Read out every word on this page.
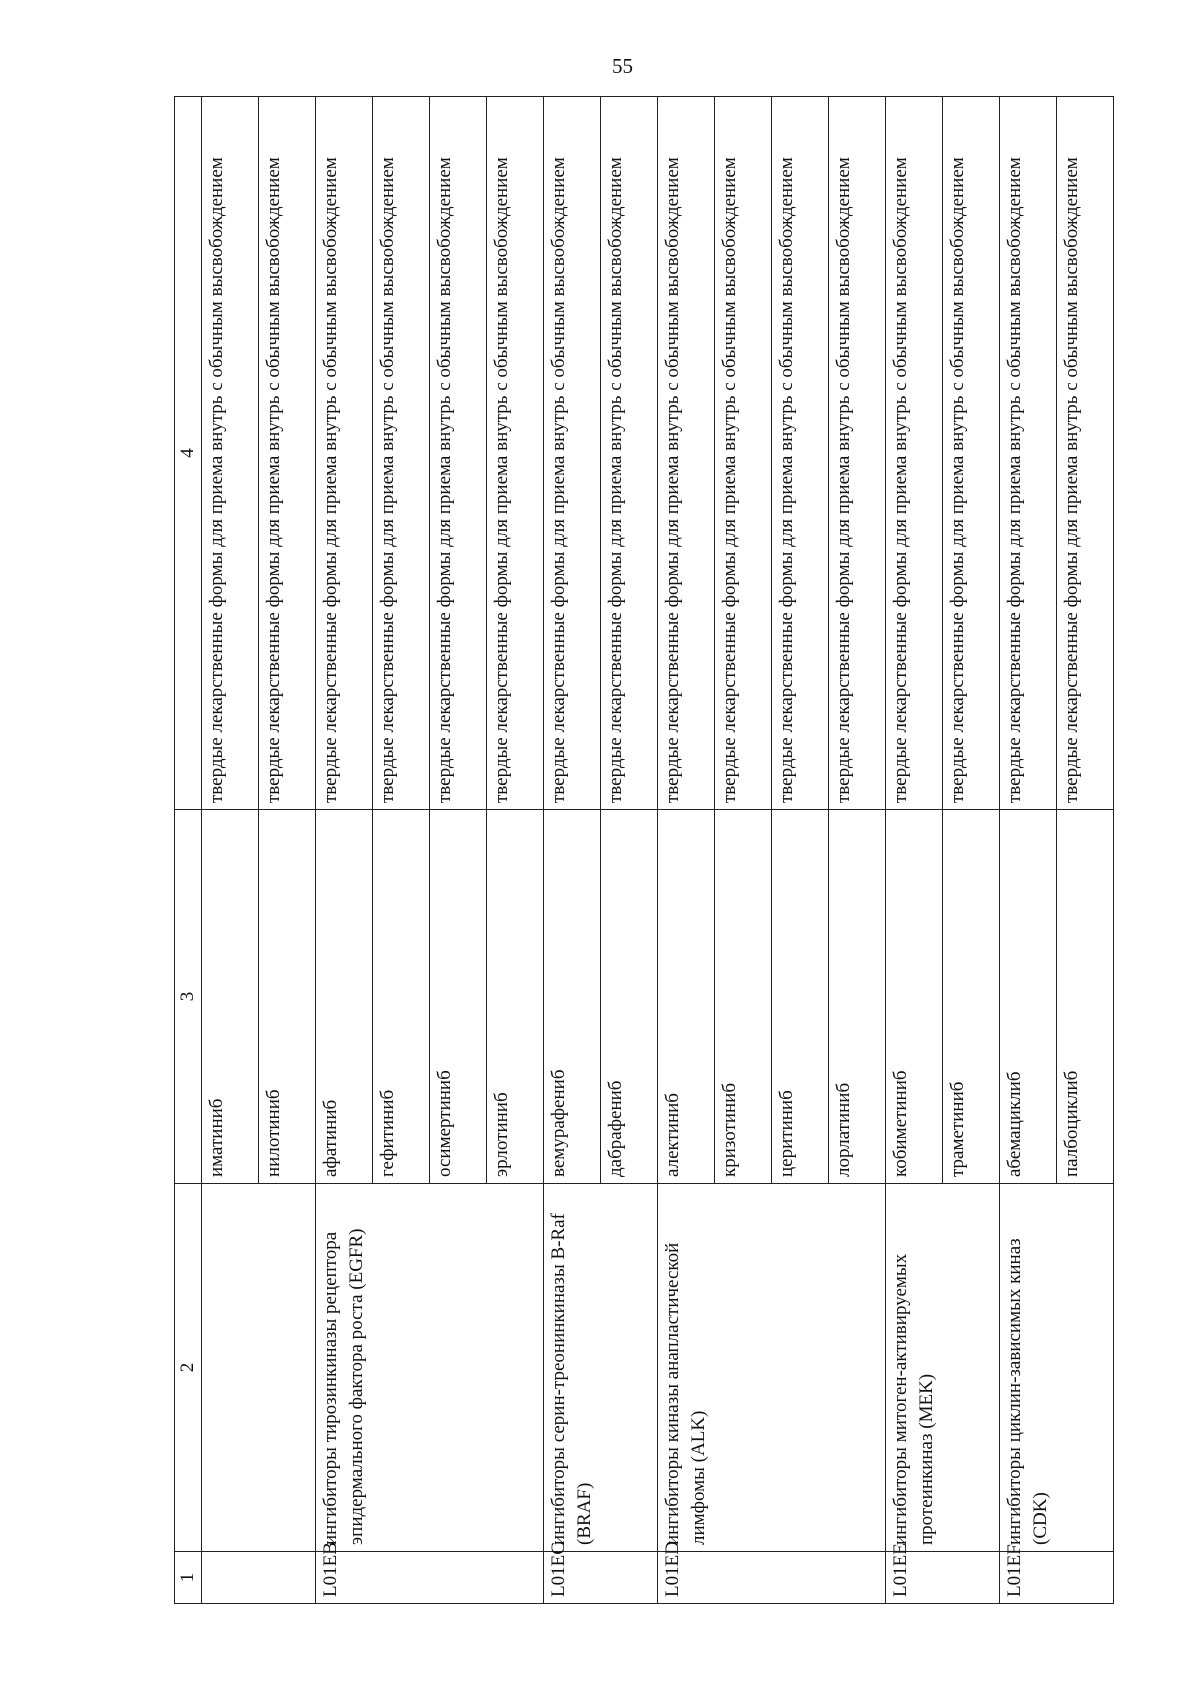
55
1	2	3	4
		иматиниб	твердые лекарственные формы для приема внутрь с обычным высвобождением
		нилотиниб	твердые лекарственные формы для приема внутрь с обычным высвобождением
L01EB	ингибиторы тирозинкиназы рецептора эпидермального фактора роста (EGFR)	афатиниб	твердые лекарственные формы для приема внутрь с обычным высвобождением
		гефитиниб	твердые лекарственные формы для приема внутрь с обычным высвобождением
		осимертиниб	твердые лекарственные формы для приема внутрь с обычным высвобождением
		эрлотиниб	твердые лекарственные формы для приема внутрь с обычным высвобождением
L01EC	ингибиторы серин-треонинкиназы B-Raf (BRAF)	вемурафениб	твердые лекарственные формы для приема внутрь с обычным высвобождением
		дабрафениб	твердые лекарственные формы для приема внутрь с обычным высвобождением
L01ED	ингибиторы киназы анапластической лимфомы (ALK)	алектиниб	твердые лекарственные формы для приема внутрь с обычным высвобождением
		кризотиниб	твердые лекарственные формы для приема внутрь с обычным высвобождением
		церитиниб	твердые лекарственные формы для приема внутрь с обычным высвобождением
		лорлатиниб	твердые лекарственные формы для приема внутрь с обычным высвобождением
L01EE	ингибиторы митоген-активируемых протеинкиназ (MEK)	кобиметиниб	твердые лекарственные формы для приема внутрь с обычным высвобождением
		траметиниб	твердые лекарственные формы для приема внутрь с обычным высвобождением
L01EF	ингибиторы циклин-зависимых киназ (CDK)	абемациклиб	твердые лекарственные формы для приема внутрь с обычным высвобождением
		палбоциклиб	твердые лекарственные формы для приема внутрь с обычным высвобождением
